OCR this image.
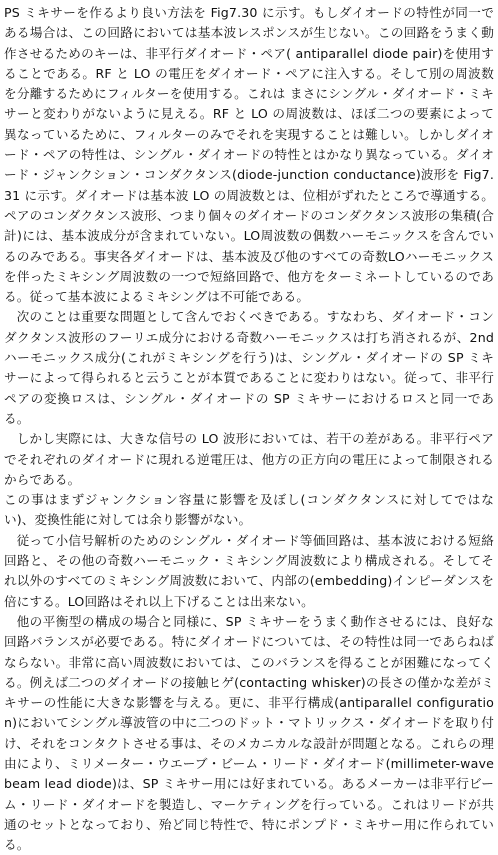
PS ミキサーを作るより良い方法を Fig7.30 に示す。もしダイオードの特性が同一である場合は、この回路においては基本波レスポンスが生じない。この回路をうまく動作させるためのキーは、非平行ダイオード・ペア( antiparallel diode pair)を使用することである。RF と LO の電圧をダイオード・ペアに注入する。そして別の周波数を分離するためにフィルターを使用する。これは まさにシングル・ダイオード・ミキサーと変わりがないように見える。RF と LO の周波数は、ほぼ二つの要素によって異なっているために、フィルターのみでそれを実現することは難しい。しかしダイオード・ペアの特性は、シングル・ダイオードの特性とはかなり異なっている。ダイオード・ジャンクション・コンダクタンス(diode-junction conductance)波形を Fig7.31 に示す。ダイオードは基本波 LO の周波数とは、位相がずれたところで導通する。ペアのコンダクタンス波形、つまり個々のダイオードのコンダクタンス波形の集積(合計)には、基本波成分が含まれていない。LO周波数の偶数ハーモニックスを含んでいるのみである。事実各ダイオードは、基本波及び他のすべての奇数LOハーモニックスを伴ったミキシング周波数の一つで短絡回路で、他方をターミネートしているのである。従って基本波によるミキシングは不可能である。

次のことは重要な問題として含んでおくべきである。すなわち、ダイオード・コンダクタンス波形のフーリエ成分における奇数ハーモニックスは打ち消されるが、2nd ハーモニックス成分(これがミキシングを行う)は、シングル・ダイオードの SP ミキサーによって得られると云うことが本質であることに変わりはない。従って、非平行ペアの変換ロスは、シングル・ダイオードの SP ミキサーにおけるロスと同一である。

しかし実際には、大きな信号の LO 波形においては、若干の差がある。非平行ペアでそれぞれのダイオードに現れる逆電圧は、他方の正方向の電圧によって制限されるからである。

この事はまずジャンクション容量に影響を及ぼし(コンダクタンスに対してではない)、変換性能に対しては余り影響がない。

従って小信号解析のためのシングル・ダイオード等価回路は、基本波における短絡回路と、その他の奇数ハーモニック・ミキシング周波数により構成される。そしてそれ以外のすべてのミキシング周波数において、内部の(embedding)インピーダンスを倍にする。LO回路はそれ以上下げることは出来ない。

他の平衡型の構成の場合と同様に、SP ミキサーをうまく動作させるには、良好な回路バランスが必要である。特にダイオードについては、その特性は同一であらねばならない。非常に高い周波数においては、このバランスを得ることが困難になってくる。例えば二つのダイオードの接触ヒゲ(contacting whisker)の長さの僅かな差がミキサーの性能に大きな影響を与える。更に、非平行構成(antiparallel configuration)においてシングル導波管の中に二つのドット・マトリックス・ダイオードを取り付け、それをコンタクトさせる事は、そのメカニカルな設計が問題となる。これらの理由により、ミリメーター・ウエーブ・ビーム・リード・ダイオード(millimeter-wave beam lead diode)は、SP ミキサー用には好まれている。あるメーカーは非平行ビーム・リード・ダイオードを製造し、マーケティングを行っている。これはリードが共通のセットとなっており、殆ど同じ特性で、特にポンプド・ミキサー用に作られている。
